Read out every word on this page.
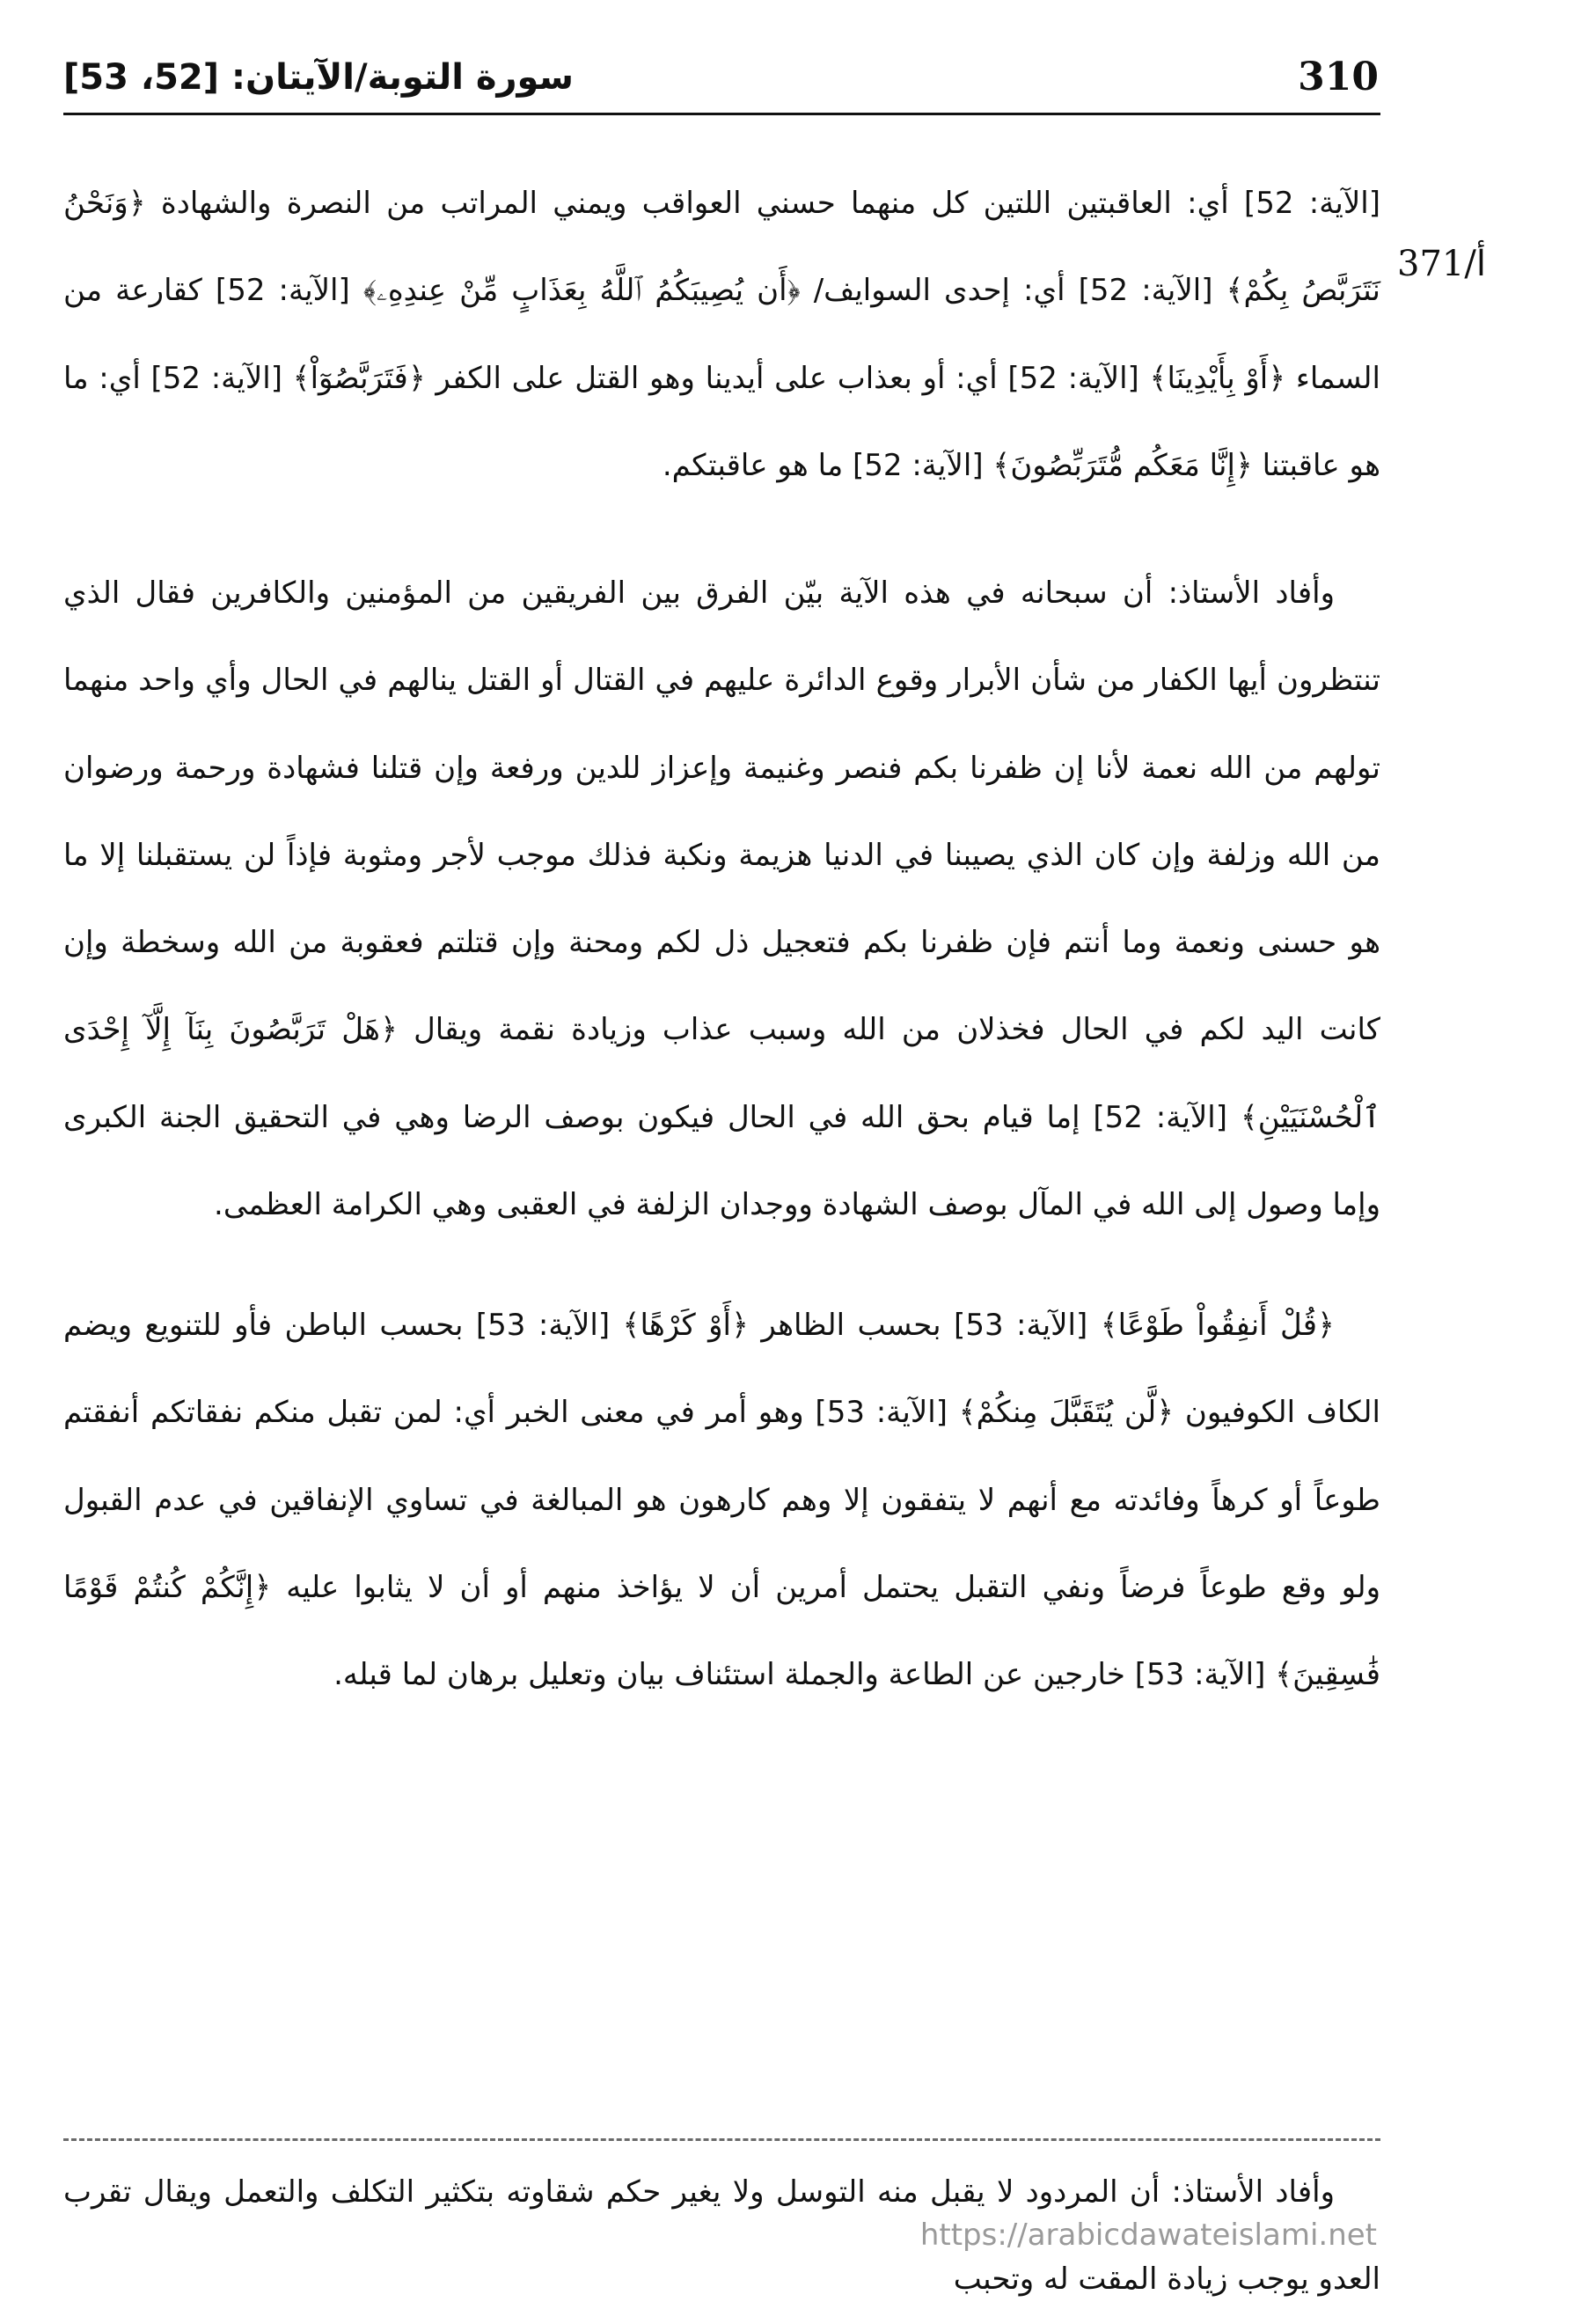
سورة التوبة/الآيتان: [52، 53]	310
371/أ

[الآية: 52] أي: العاقبتين اللتين كل منهما حسني العواقب ويمني المراتب من النصرة والشهادة ﴿وَنَحْنُ نَتَرَبَّصُ بِكُمْ﴾ [الآية: 52] أي: إحدى السوايف/ ﴿أَن يُصِيبَكُمُ ٱللَّهُ بِعَذَابٍ مِّنْ عِندِهِۦ﴾ [الآية: 52] كقارعة من السماء ﴿أَوْ بِأَيْدِينَا﴾ [الآية: 52] أي: أو بعذاب على أيدينا وهو القتل على الكفر ﴿فَتَرَبَّصُوٓاْ﴾ [الآية: 52] أي: ما هو عاقبتنا ﴿إِنَّا مَعَكُم مُّتَرَبِّصُونَ﴾ [الآية: 52] ما هو عاقبتكم.

وأفاد الأستاذ: أن سبحانه في هذه الآية بيّن الفرق بين الفريقين من المؤمنين والكافرين فقال الذي تنتظرون أيها الكفار من شأن الأبرار وقوع الدائرة عليهم في القتال أو القتل ينالهم في الحال وأي واحد منهما تولهم من الله نعمة لأنا إن ظفرنا بكم فنصر وغنيمة وإعزاز للدين ورفعة وإن قتلنا فشهادة ورحمة ورضوان من الله وزلفة وإن كان الذي يصيبنا في الدنيا هزيمة ونكبة فذلك موجب لأجر ومثوبة فإذاً لن يستقبلنا إلا ما هو حسنى ونعمة وما أنتم فإن ظفرنا بكم فتعجيل ذل لكم ومحنة وإن قتلتم فعقوبة من الله وسخطة وإن كانت اليد لكم في الحال فخذلان من الله وسبب عذاب وزيادة نقمة ويقال ﴿هَلْ تَرَبَّصُونَ بِنَآ إِلَّآ إِحْدَى ٱلْحُسْنَيَيْنِ﴾ [الآية: 52] إما قيام بحق الله في الحال فيكون بوصف الرضا وهي في التحقيق الجنة الكبرى وإما وصول إلى الله في المآل بوصف الشهادة ووجدان الزلفة في العقبى وهي الكرامة العظمى.

﴿قُلْ أَنفِقُواْ طَوْعًا﴾ [الآية: 53] بحسب الظاهر ﴿أَوْ كَرْهًا﴾ [الآية: 53] بحسب الباطن فأو للتنويع ويضم الكاف الكوفيون ﴿لَّن يُتَقَبَّلَ مِنكُمْ﴾ [الآية: 53] وهو أمر في معنى الخبر أي: لمن تقبل منكم نفقاتكم أنفقتم طوعاً أو كرهاً وفائدته مع أنهم لا يتفقون إلا وهم كارهون هو المبالغة في تساوي الإنفاقين في عدم القبول ولو وقع طوعاً فرضاً ونفي التقبل يحتمل أمرين أن لا يؤاخذ منهم أو أن لا يثابوا عليه ﴿إِنَّكُمْ كُنتُمْ قَوْمًا فَٰسِقِينَ﴾ [الآية: 53] خارجين عن الطاعة والجملة استئناف بيان وتعليل برهان لما قبله.

وأفاد الأستاذ: أن المردود لا يقبل منه التوسل ولا يغير حكم شقاوته بتكثير التكلف والتعمل ويقال تقرب العدو يوجب زيادة المقت له وتحبب

https://arabicdawateislami.net
